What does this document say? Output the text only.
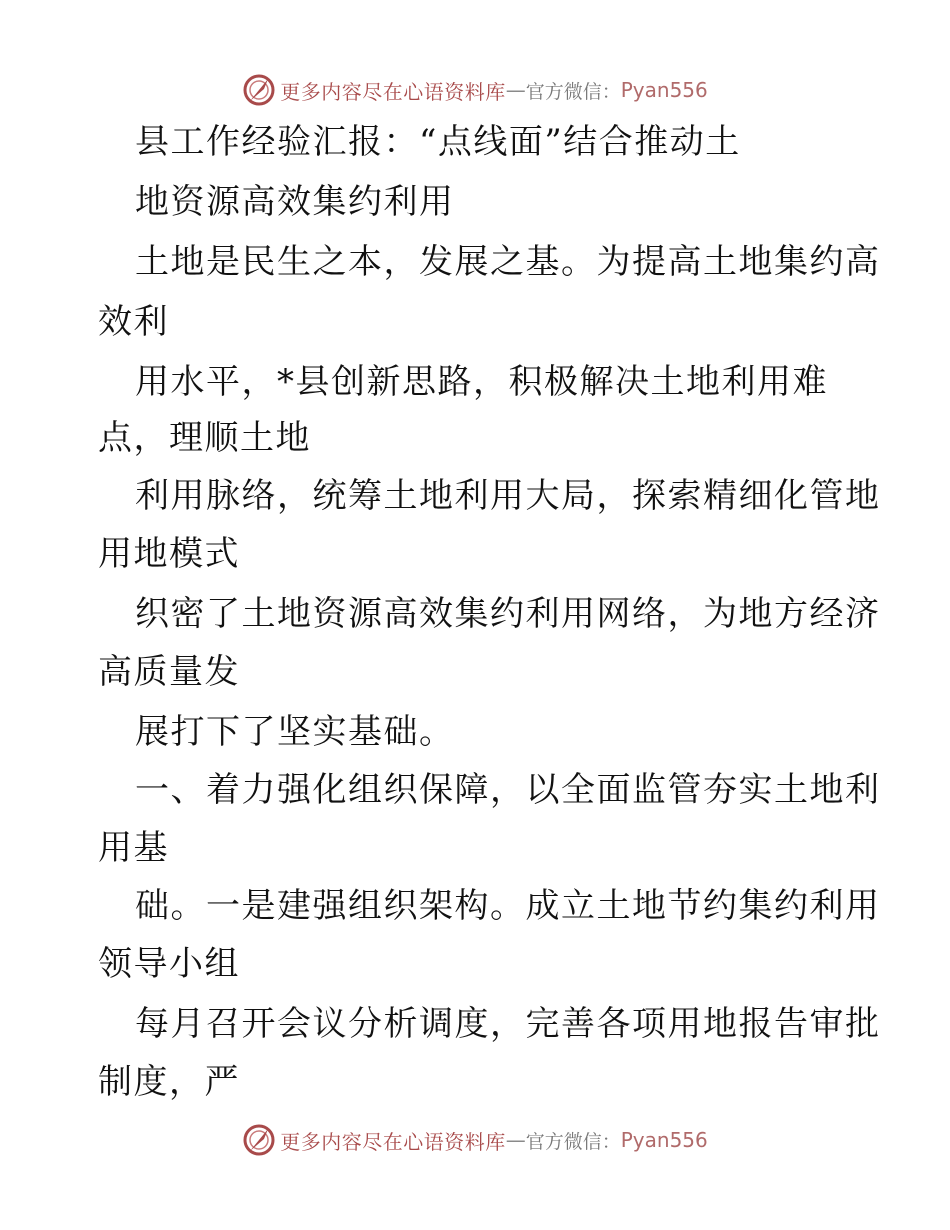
更多内容尽在心语资料库 — 官方微信： Pyan556
县工作经验汇报：“点线面”结合推动土
地资源高效集约利用
土地是民生之本，发展之基。为提高土地集约高
效利
用水平，*县创新思路，积极解决土地利用难
点，理顺土地
利用脉络，统筹土地利用大局，探索精细化管地
用地模式
织密了土地资源高效集约利用网络，为地方经济
高质量发
展打下了坚实基础。
一、着力强化组织保障，以全面监管夯实土地利
用基
础。一是建强组织架构。成立土地节约集约利用
领导小组
每月召开会议分析调度，完善各项用地报告审批
制度，严
更多内容尽在心语资料库 — 官方微信： Pyan556
